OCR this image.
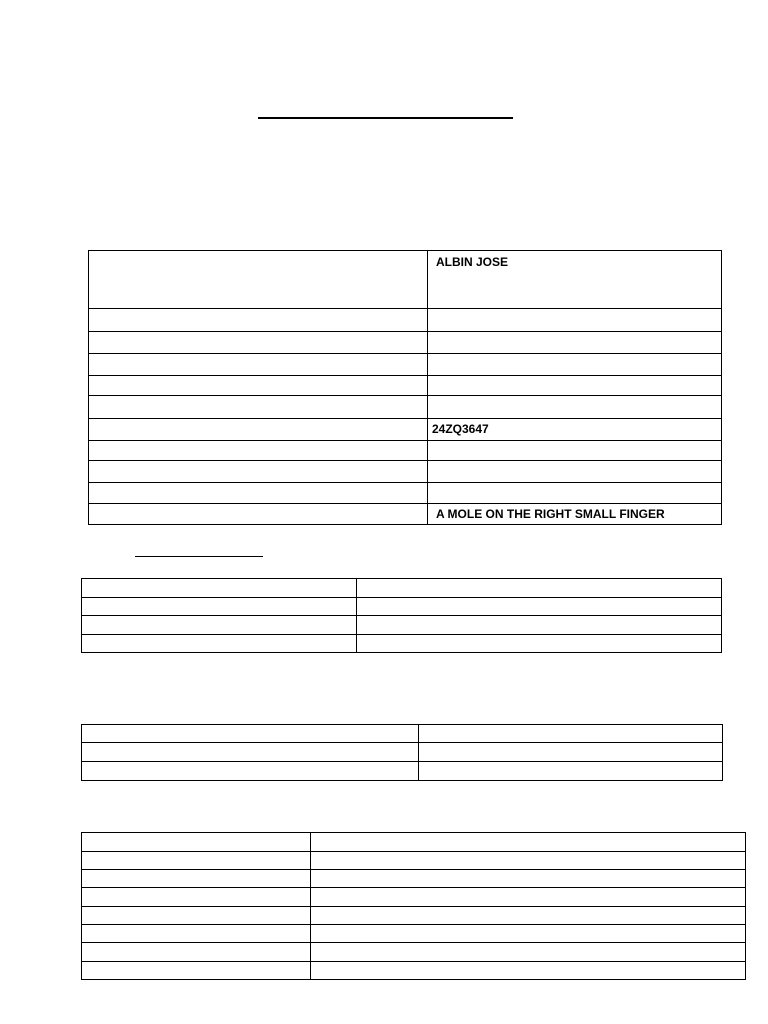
	ALBIN JOSE

	24ZQ3647

	A MOLE ON THE RIGHT SMALL FINGER
